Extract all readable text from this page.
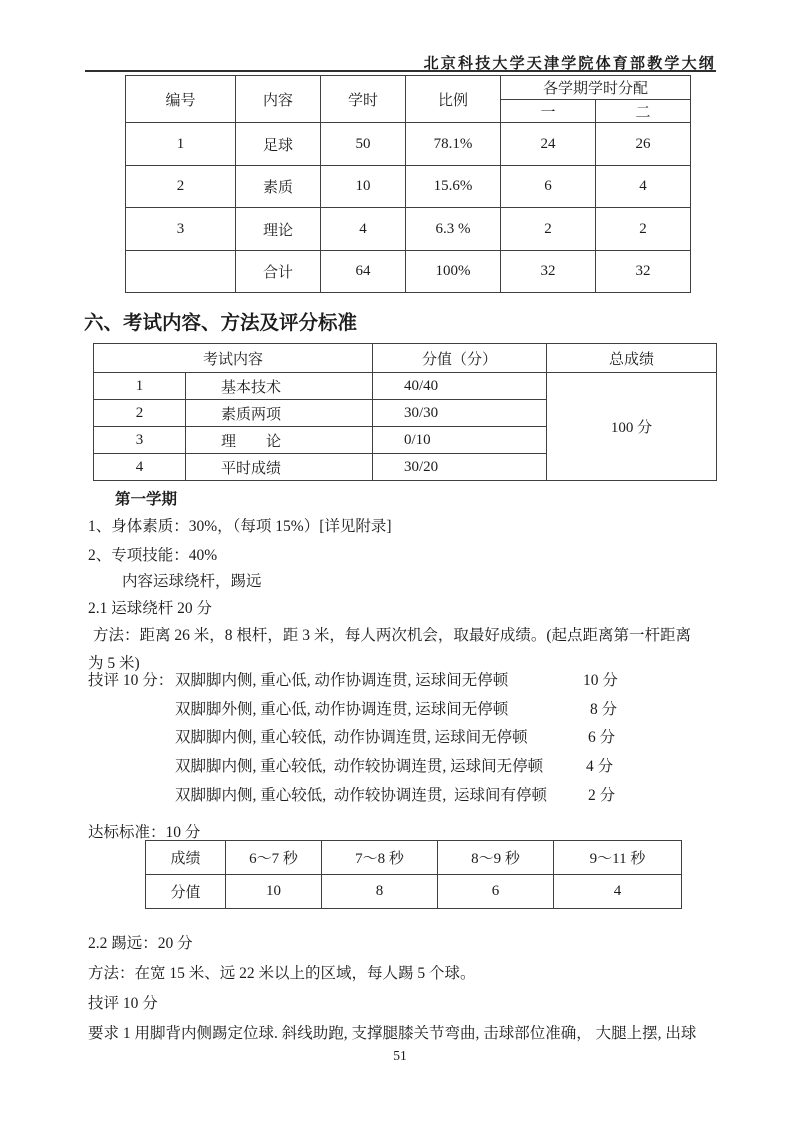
北京科技大学天津学院体育部教学大纲
编号	内容	学时	比例	各学期学时分配	
				一	二
1	足球	50	78.1%	24	26
2	素质	10	15.6%	6	4
3	理论	4	6.3 %	2	2
	合计	64	100%	32	32
六、考试内容、方法及评分标准
考试内容		分值（分）	总成绩
1	基本技术	40/40	100 分
2	素质两项	30/30	
3	理　　论	0/10	
4	平时成绩	30/20	
第一学期
1、身体素质：30%，（每项 15%）[详见附录]
2、专项技能：40%
内容运球绕杆，踢远
2.1 运球绕杆 20 分
方法：距离 26 米，8 根杆，距 3 米，每人两次机会，取最好成绩。(起点距离第一杆距离
为 5 米)
技评 10 分： 双脚脚内侧, 重心低, 动作协调连贯, 运球间无停顿	10 分
双脚脚外侧, 重心低, 动作协调连贯, 运球间无停顿	8 分
双脚脚内侧, 重心较低,  动作协调连贯, 运球间无停顿	6 分
双脚脚内侧, 重心较低,  动作较协调连贯, 运球间无停顿	4 分
双脚脚内侧, 重心较低,  动作较协调连贯,  运球间有停顿	2 分
达标标准：10 分
成绩	6～7 秒	7～8 秒	8～9 秒	9～11 秒
分值	10	8	6	4
2.2 踢远：20 分
方法：在宽 15 米、远 22 米以上的区域，每人踢 5 个球。
技评 10 分
要求 1 用脚背内侧踢定位球. 斜线助跑, 支撑腿膝关节弯曲, 击球部位准确， 大腿上摆, 出球
51
